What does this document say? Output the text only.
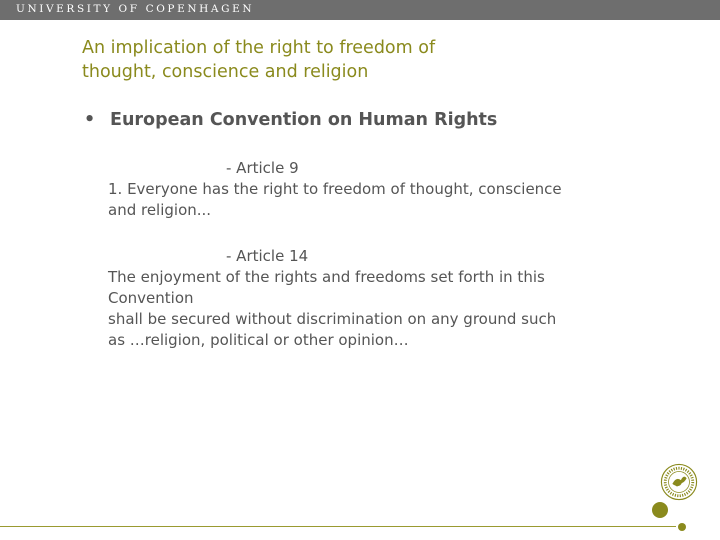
UNIVERSITY OF COPENHAGEN
An implication of the right to freedom of
thought, conscience and religion
• European Convention on Human Rights
- Article 9
1. Everyone has the right to freedom of thought, conscience
and religion...
- Article 14
The enjoyment of the rights and freedoms set forth in this
Convention
shall be secured without discrimination on any ground such
as …religion, political or other opinion…
